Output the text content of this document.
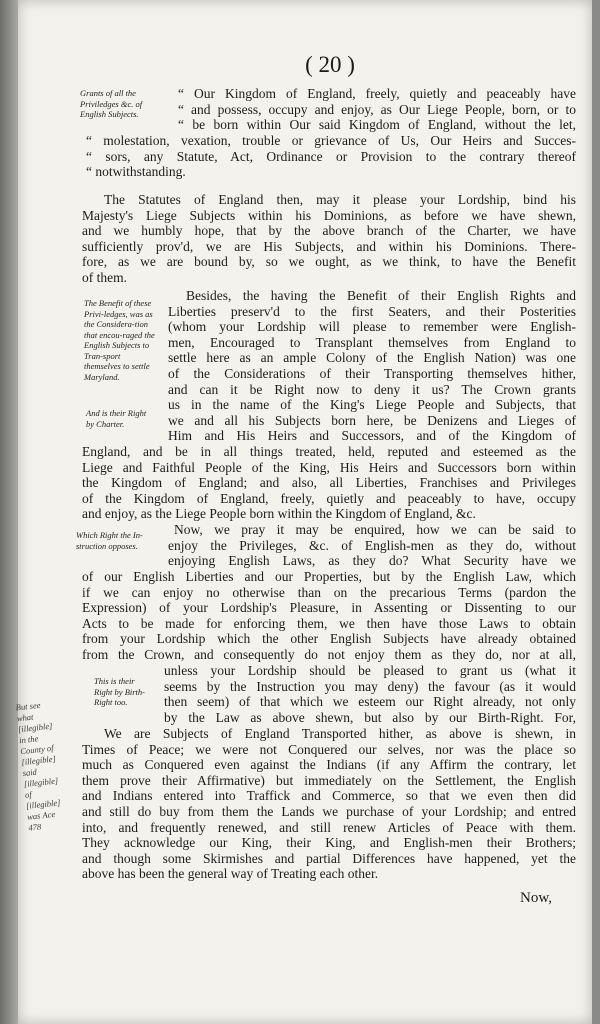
( 20 )
Grants of all the Priviledges &c. of English Subjects.
The Benefit of these Privi-ledges, was as the Considera-tion that encou-raged the English Subjects to Tran-sport themselves to settle Maryland.
And is their Right by Charter.
Which Right the In-struction opposes.
This is their Right by Birth-Right too.
But see what [illegible] in the County of [illegible] said [illegible] of [illegible] was Ace 478
“ Our Kingdom of England, freely, quietly and peaceably have
“ and possess, occupy and enjoy, as Our Liege People, born, or to
“ be born within Our said Kingdom of England, without the let,
“ molestation, vexation, trouble or grievance of Us, Our Heirs and Succes-
“ sors, any Statute, Act, Ordinance or Provision to the contrary thereof
“ notwithstanding.
The Statutes of England then, may it please your Lordship, bind his
Majesty's Liege Subjects within his Dominions, as before we have shewn,
and we humbly hope, that by the above branch of the Charter, we have
sufficiently prov'd, we are His Subjects, and within his Dominions. There-
fore, as we are bound by, so we ought, as we think, to have the Benefit
of them.
Besides, the having the Benefit of their English Rights and
Liberties preserv'd to the first Seaters, and their Posterities
(whom your Lordship will please to remember were English-
men, Encouraged to Transplant themselves from England to
settle here as an ample Colony of the English Nation) was one
of the Considerations of their Transporting themselves hither,
and can it be Right now to deny it us? The Crown grants
us in the name of the King's Liege People and Subjects, that
we and all his Subjects born here, be Denizens and Lieges of
Him and His Heirs and Successors, and of the Kingdom of
England, and be in all things treated, held, reputed and esteemed as the
Liege and Faithful People of the King, His Heirs and Successors born within
the Kingdom of England; and also, all Liberties, Franchises and Privileges
of the Kingdom of England, freely, quietly and peaceably to have, occupy
and enjoy, as the Liege People born within the Kingdom of England, &c.
Now, we pray it may be enquired, how we can be said to
enjoy the Privileges, &c. of English-men as they do, without
enjoying English Laws, as they do? What Security have we
of our English Liberties and our Properties, but by the English Law, which
if we can enjoy no otherwise than on the precarious Terms (pardon the
Expression) of your Lordship's Pleasure, in Assenting or Dissenting to our
Acts to be made for enforcing them, we then have those Laws to obtain
from your Lordship which the other English Subjects have already obtained
from the Crown, and consequently do not enjoy them as they do, nor at all,
unless your Lordship should be pleased to grant us (what it
seems by the Instruction you may deny) the favour (as it would
then seem) of that which we esteem our Right already, not only
by the Law as above shewn, but also by our Birth-Right. For,
We are Subjects of England Transported hither, as above is shewn, in
Times of Peace; we were not Conquered our selves, nor was the place so
much as Conquered even against the Indians (if any Affirm the contrary, let
them prove their Affirmative) but immediately on the Settlement, the English
and Indians entered into Traffick and Commerce, so that we even then did
and still do buy from them the Lands we purchase of your Lordship; and entred
into, and frequently renewed, and still renew Articles of Peace with them.
They acknowledge our King, their King, and English-men their Brothers;
and though some Skirmishes and partial Differences have happened, yet the
above has been the general way of Treating each other.
Now,
